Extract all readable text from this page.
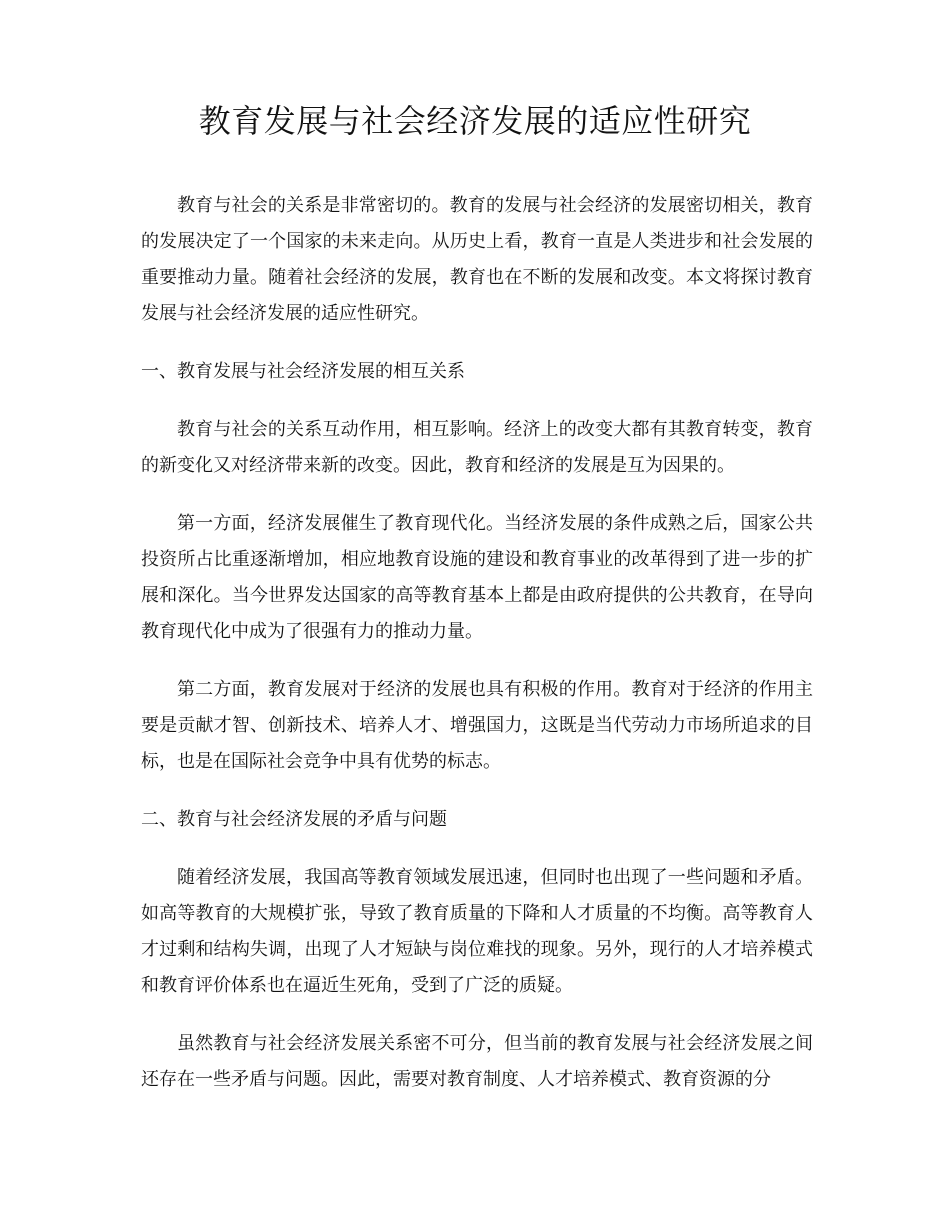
教育发展与社会经济发展的适应性研究

教育与社会的关系是非常密切的。教育的发展与社会经济的发展密切相关，教育的发展决定了一个国家的未来走向。从历史上看，教育一直是人类进步和社会发展的重要推动力量。随着社会经济的发展，教育也在不断的发展和改变。本文将探讨教育发展与社会经济发展的适应性研究。

一、教育发展与社会经济发展的相互关系

教育与社会的关系互动作用，相互影响。经济上的改变大都有其教育转变，教育的新变化又对经济带来新的改变。因此，教育和经济的发展是互为因果的。

第一方面，经济发展催生了教育现代化。当经济发展的条件成熟之后，国家公共投资所占比重逐渐增加，相应地教育设施的建设和教育事业的改革得到了进一步的扩展和深化。当今世界发达国家的高等教育基本上都是由政府提供的公共教育，在导向教育现代化中成为了很强有力的推动力量。

第二方面，教育发展对于经济的发展也具有积极的作用。教育对于经济的作用主要是贡献才智、创新技术、培养人才、增强国力，这既是当代劳动力市场所追求的目标，也是在国际社会竞争中具有优势的标志。

二、教育与社会经济发展的矛盾与问题

随着经济发展，我国高等教育领域发展迅速，但同时也出现了一些问题和矛盾。如高等教育的大规模扩张，导致了教育质量的下降和人才质量的不均衡。高等教育人才过剩和结构失调，出现了人才短缺与岗位难找的现象。另外，现行的人才培养模式和教育评价体系也在逼近生死角，受到了广泛的质疑。

虽然教育与社会经济发展关系密不可分，但当前的教育发展与社会经济发展之间还存在一些矛盾与问题。因此，需要对教育制度、人才培养模式、教育资源的分
